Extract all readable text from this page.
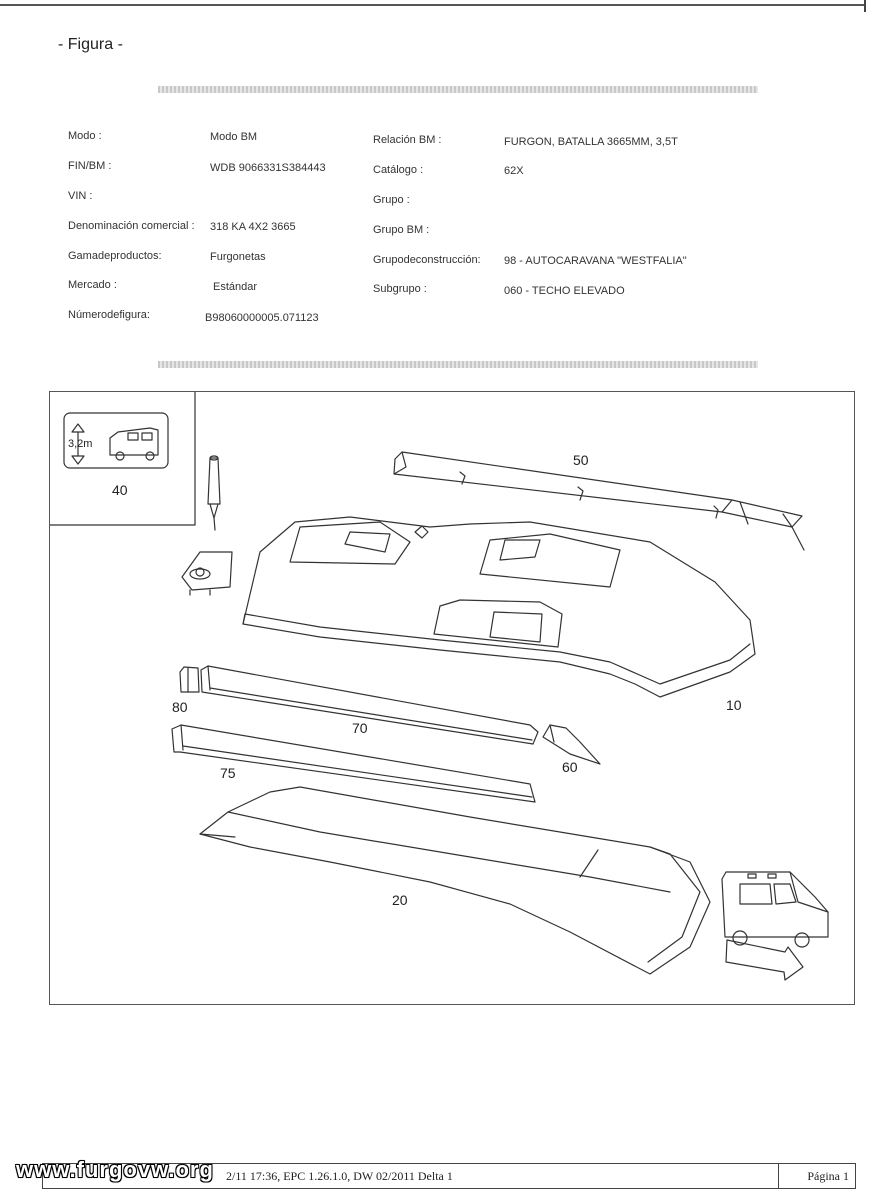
- Figura -
Modo :	Modo BM
FIN/BM :	WDB 9066331S384443
VIN :
Denominación comercial : 318 KA 4X2 3665
Gamadeproductos:	Furgonetas
Mercado :	Estándar
Númerodefigura:	B98060000005.071123
Relación BM :	FURGON, BATALLA 3665MM, 3,5T
Catálogo :	62X
Grupo :
Grupo BM :
Grupodeconstrucción: 98 - AUTOCARAVANA "WESTFALIA"
Subgrupo :	060 - TECHO ELEVADO
3,2m
40
50
10
80
70
60
75
20
2/11 17:36, EPC 1.26.1.0, DW 02/2011 Delta 1	Página 1
www.furgovw.org
